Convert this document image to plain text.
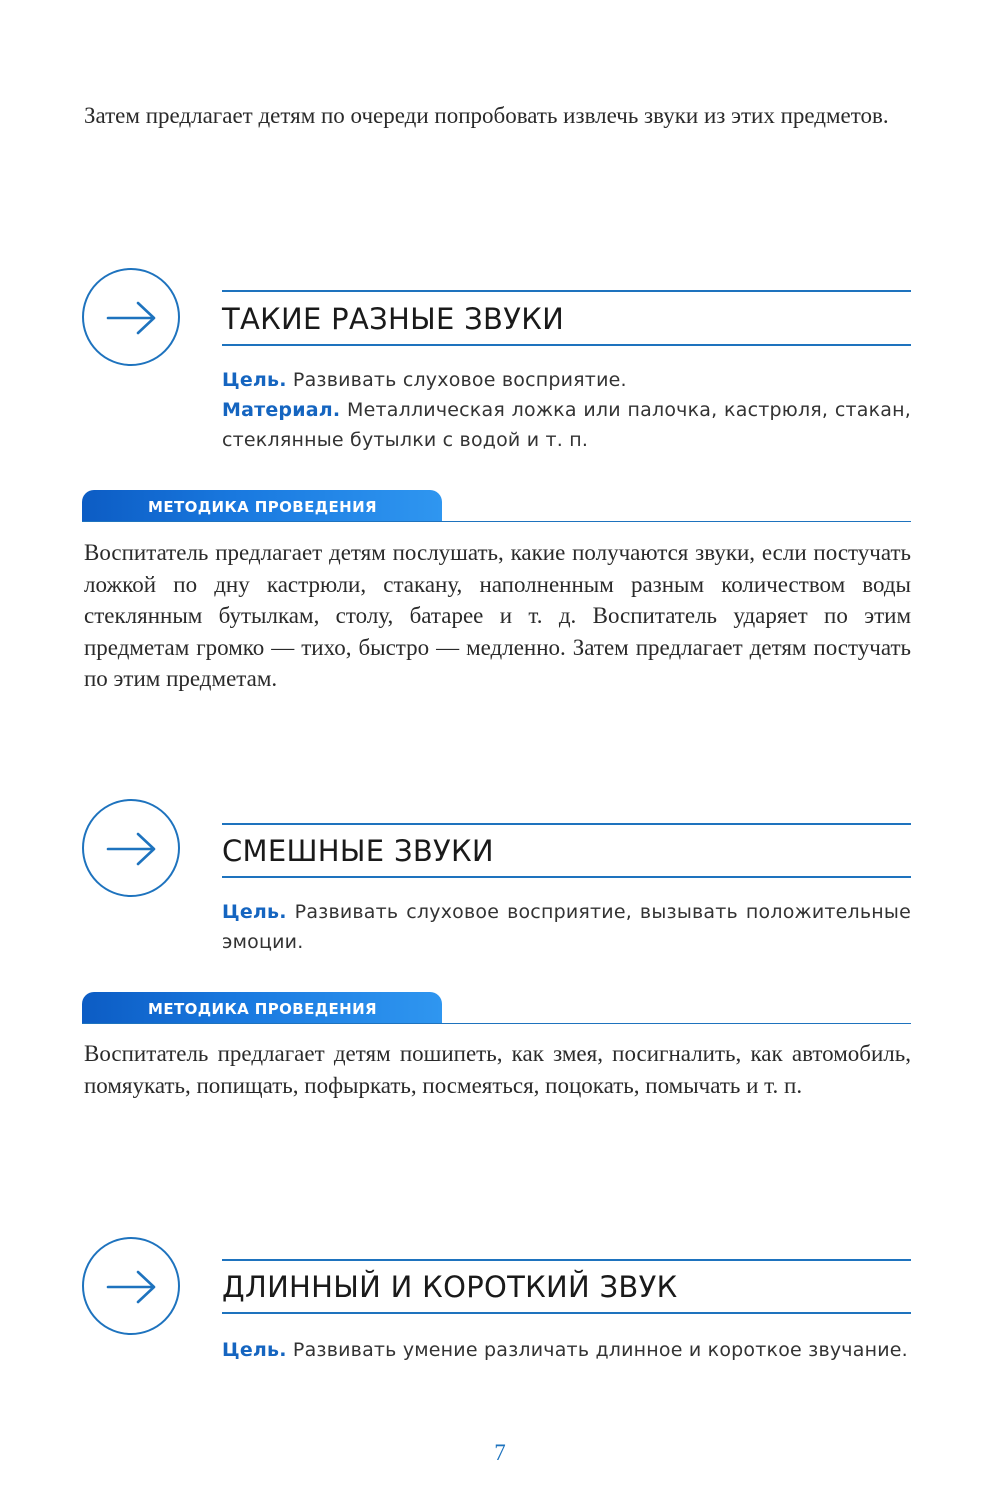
Затем предлагает детям по очереди попробовать извлечь звуки из этих предметов.

ТАКИЕ РАЗНЫЕ ЗВУКИ

Цель. Развивать слуховое восприятие.

Материал. Металлическая ложка или палочка, кастрюля, стакан, стеклянные бутылки с водой и т. п.

МЕТОДИКА ПРОВЕДЕНИЯ

Воспитатель предлагает детям послушать, какие получаются звуки, если постучать ложкой по дну кастрюли, стакану, наполненным разным количеством воды стеклянным бутылкам, столу, батарее и т. д. Воспитатель ударяет по этим предметам громко — тихо, быстро — медленно. Затем предлагает детям постучать по этим предметам.

СМЕШНЫЕ ЗВУКИ

Цель. Развивать слуховое восприятие, вызывать положительные эмоции.

МЕТОДИКА ПРОВЕДЕНИЯ

Воспитатель предлагает детям пошипеть, как змея, посигналить, как автомобиль, помяукать, попищать, пофыркать, посмеяться, поцокать, помычать и т. п.

ДЛИННЫЙ И КОРОТКИЙ ЗВУК

Цель. Развивать умение различать длинное и короткое звучание.

7
